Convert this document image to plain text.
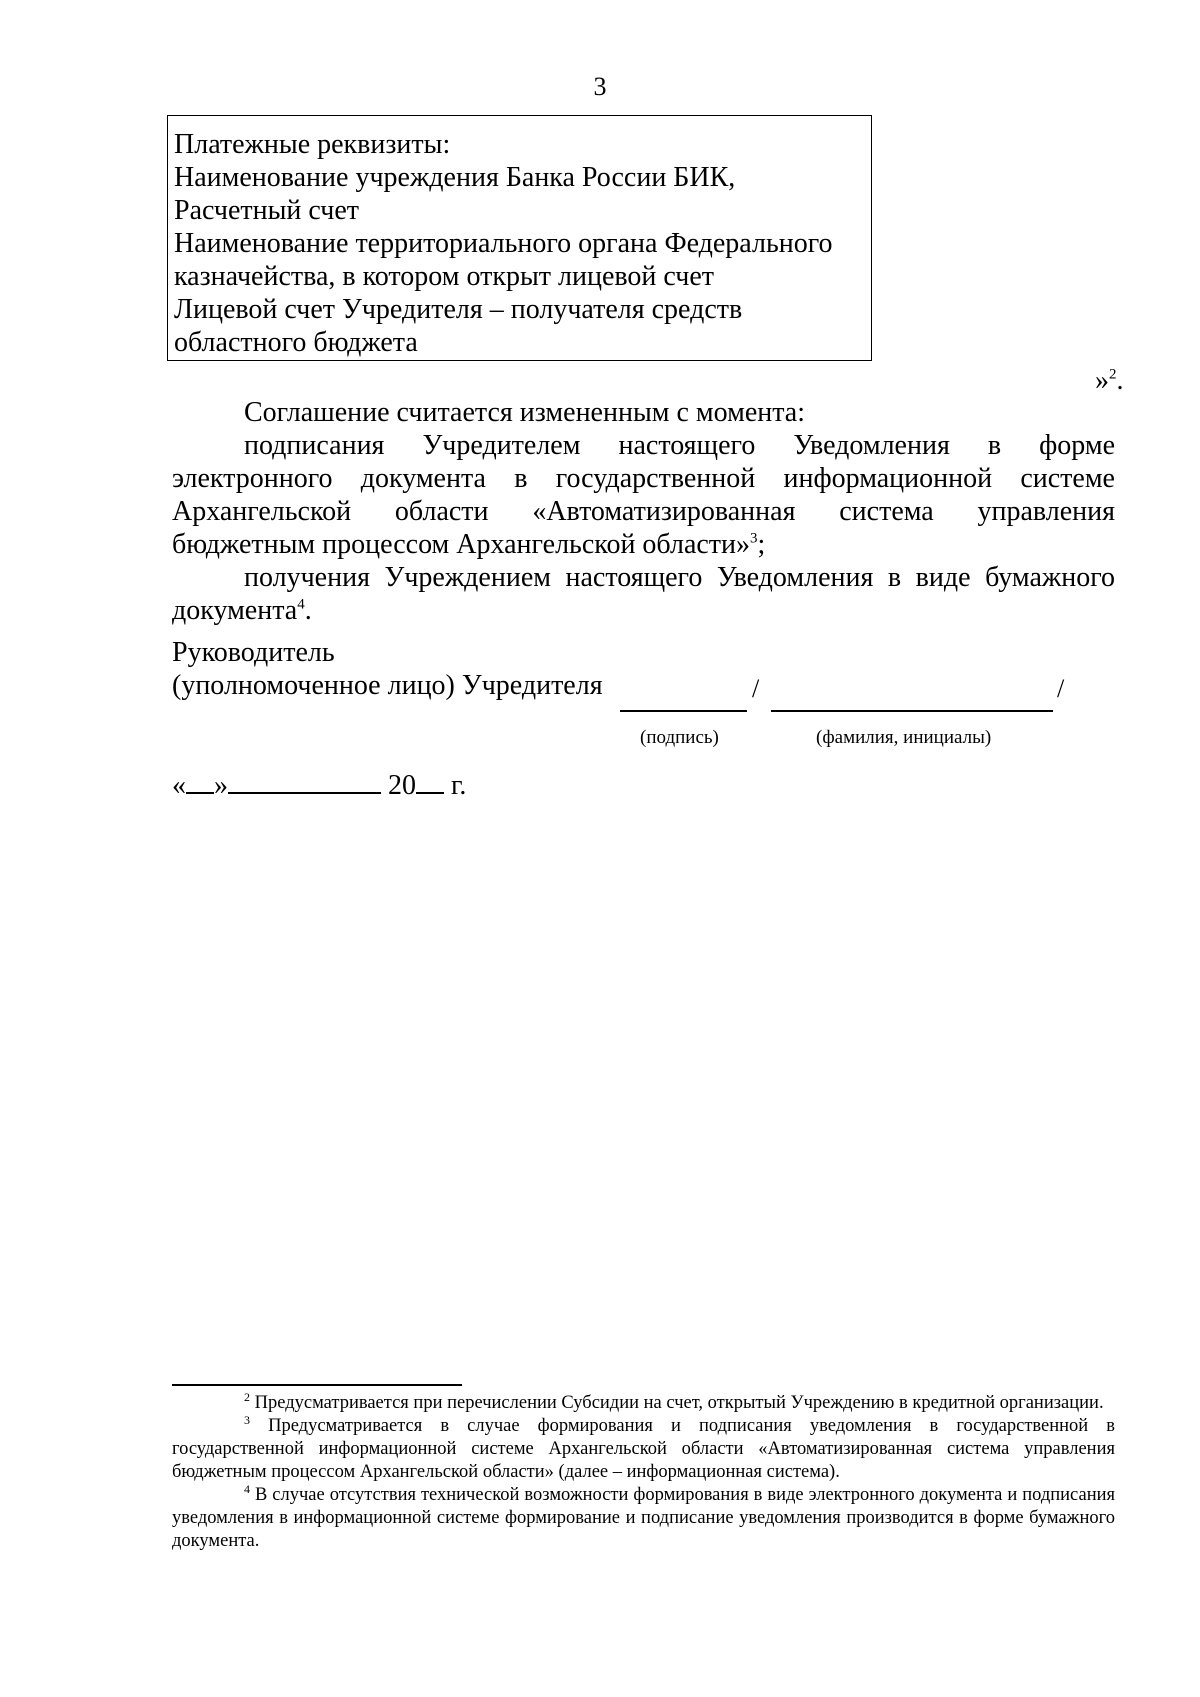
3
Платежные реквизиты:
Наименование учреждения Банка России БИК,
Расчетный счет
Наименование территориального органа Федерального
казначейства, в котором открыт лицевой счет
Лицевой счет Учредителя – получателя средств
областного бюджета
»$^2$.
Соглашение считается измененным с момента:
подписания Учредителем настоящего Уведомления в форме электронного документа в государственной информационной системе Архангельской области «Автоматизированная система управления бюджетным процессом Архангельской области»$^3$;
получения Учреждением настоящего Уведомления в виде бумажного документа$^4$.
Руководитель
(уполномоченное лицо) Учредителя	/	/
(подпись)	(фамилия, инициалы)
« »	20 г.
$^2$ Предусматривается при перечислении Субсидии на счет, открытый Учреждению в кредитной организации.
$^3$ Предусматривается в случае формирования и подписания уведомления в государственной в государственной информационной системе Архангельской области «Автоматизированная система управления бюджетным процессом Архангельской области» (далее – информационная система).
$^4$ В случае отсутствия технической возможности формирования в виде электронного документа и подписания уведомления в информационной системе формирование и подписание уведомления производится в форме бумажного документа.
